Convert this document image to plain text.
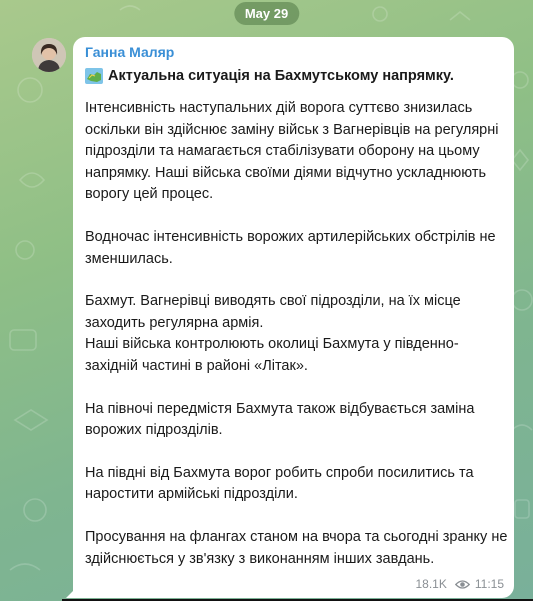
May 29
Ганна Маляр
Актуальна ситуація на Бахмутському напрямку.
Інтенсивність наступальних дій ворога суттєво знизилась
оскільки він здійснює заміну військ з Вагнерівців на регулярні
підрозділи та намагається стабілізувати оборону на цьому
напрямку. Наші війська своїми діями відчутно ускладнюють
ворогу цей процес.
Водночас інтенсивність ворожих артилерійських обстрілів не
зменшилась.
Бахмут. Вагнерівці виводять свої підрозділи, на їх місце
заходить регулярна армія.
Наші війська контролюють околиці Бахмута у південно-
західній частині в районі «Літак».
На півночі передмістя Бахмута також відбувається заміна
ворожих підрозділів.
На півдні від Бахмута ворог робить спроби посилитись та
наростити армійські підрозділи.
Просування на флангах станом на вчора та сьогодні зранку не
здійснюється у зв'язку з виконанням інших завдань.
18.1K 11:15
